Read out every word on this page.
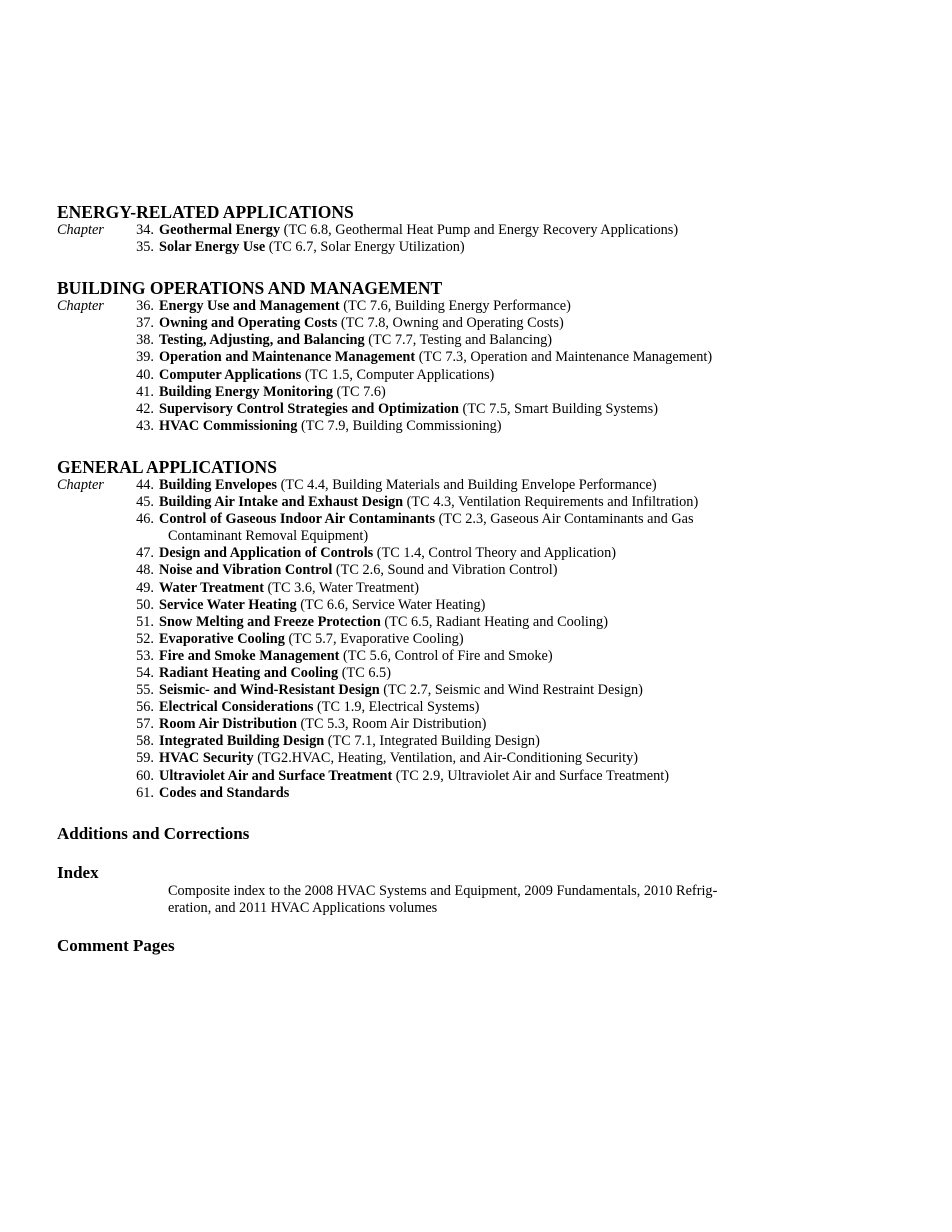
ENERGY-RELATED APPLICATIONS
Chapter	34. Geothermal Energy (TC 6.8, Geothermal Heat Pump and Energy Recovery Applications)
35. Solar Energy Use (TC 6.7, Solar Energy Utilization)
BUILDING OPERATIONS AND MANAGEMENT
Chapter	36. Energy Use and Management (TC 7.6, Building Energy Performance)
37. Owning and Operating Costs (TC 7.8, Owning and Operating Costs)
38. Testing, Adjusting, and Balancing (TC 7.7, Testing and Balancing)
39. Operation and Maintenance Management (TC 7.3, Operation and Maintenance Management)
40. Computer Applications (TC 1.5, Computer Applications)
41. Building Energy Monitoring (TC 7.6)
42. Supervisory Control Strategies and Optimization (TC 7.5, Smart Building Systems)
43. HVAC Commissioning (TC 7.9, Building Commissioning)
GENERAL APPLICATIONS
Chapter	44. Building Envelopes (TC 4.4, Building Materials and Building Envelope Performance)
45. Building Air Intake and Exhaust Design (TC 4.3, Ventilation Requirements and Infiltration)
46. Control of Gaseous Indoor Air Contaminants (TC 2.3, Gaseous Air Contaminants and Gas
Contaminant Removal Equipment)
47. Design and Application of Controls (TC 1.4, Control Theory and Application)
48. Noise and Vibration Control (TC 2.6, Sound and Vibration Control)
49. Water Treatment (TC 3.6, Water Treatment)
50. Service Water Heating (TC 6.6, Service Water Heating)
51. Snow Melting and Freeze Protection (TC 6.5, Radiant Heating and Cooling)
52. Evaporative Cooling (TC 5.7, Evaporative Cooling)
53. Fire and Smoke Management (TC 5.6, Control of Fire and Smoke)
54. Radiant Heating and Cooling (TC 6.5)
55. Seismic- and Wind-Resistant Design (TC 2.7, Seismic and Wind Restraint Design)
56. Electrical Considerations (TC 1.9, Electrical Systems)
57. Room Air Distribution (TC 5.3, Room Air Distribution)
58. Integrated Building Design (TC 7.1, Integrated Building Design)
59. HVAC Security (TG2.HVAC, Heating, Ventilation, and Air-Conditioning Security)
60. Ultraviolet Air and Surface Treatment (TC 2.9, Ultraviolet Air and Surface Treatment)
61. Codes and Standards
Additions and Corrections
Index
Composite index to the 2008 HVAC Systems and Equipment, 2009 Fundamentals, 2010 Refrig-
eration, and 2011 HVAC Applications volumes
Comment Pages
